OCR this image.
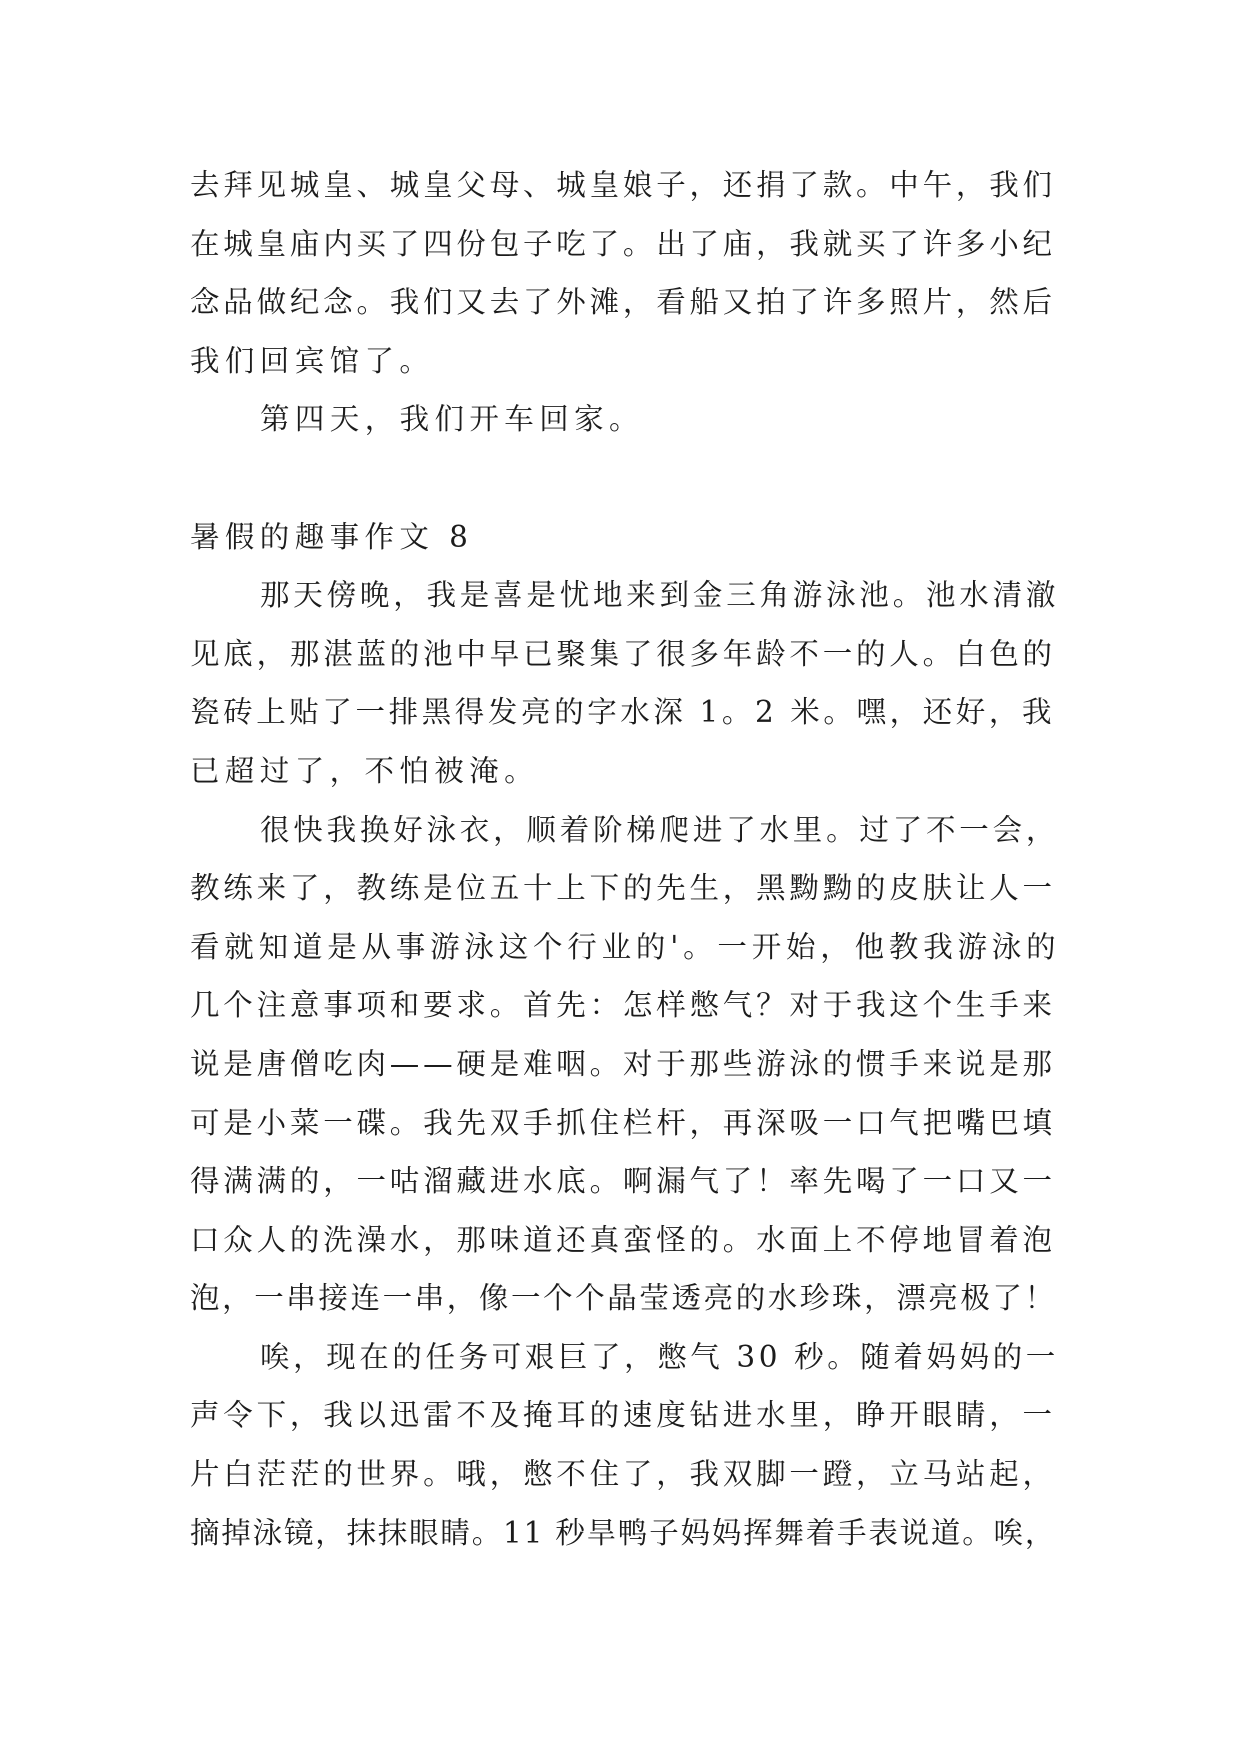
去拜见城皇、城皇父母、城皇娘子，还捐了款。中午，我们
在城皇庙内买了四份包子吃了。出了庙，我就买了许多小纪
念品做纪念。我们又去了外滩，看船又拍了许多照片，然后
我们回宾馆了。
第四天，我们开车回家。
暑假的趣事作文 8
那天傍晚，我是喜是忧地来到金三角游泳池。池水清澈
见底，那湛蓝的池中早已聚集了很多年龄不一的人。白色的
瓷砖上贴了一排黑得发亮的字水深 1。2 米。嘿，还好，我
已超过了，不怕被淹。
很快我换好泳衣，顺着阶梯爬进了水里。过了不一会，
教练来了，教练是位五十上下的先生，黑黝黝的皮肤让人一
看就知道是从事游泳这个行业的'。一开始，他教我游泳的
几个注意事项和要求。首先：怎样憋气？对于我这个生手来
说是唐僧吃肉——硬是难咽。对于那些游泳的惯手来说是那
可是小菜一碟。我先双手抓住栏杆，再深吸一口气把嘴巴填
得满满的，一咕溜藏进水底。啊漏气了！率先喝了一口又一
口众人的洗澡水，那味道还真蛮怪的。水面上不停地冒着泡
泡，一串接连一串，像一个个晶莹透亮的水珍珠，漂亮极了！
唉，现在的任务可艰巨了，憋气 30 秒。随着妈妈的一
声令下，我以迅雷不及掩耳的速度钻进水里，睁开眼睛，一
片白茫茫的世界。哦，憋不住了，我双脚一蹬，立马站起，
摘掉泳镜，抹抹眼睛。11 秒旱鸭子妈妈挥舞着手表说道。唉，
